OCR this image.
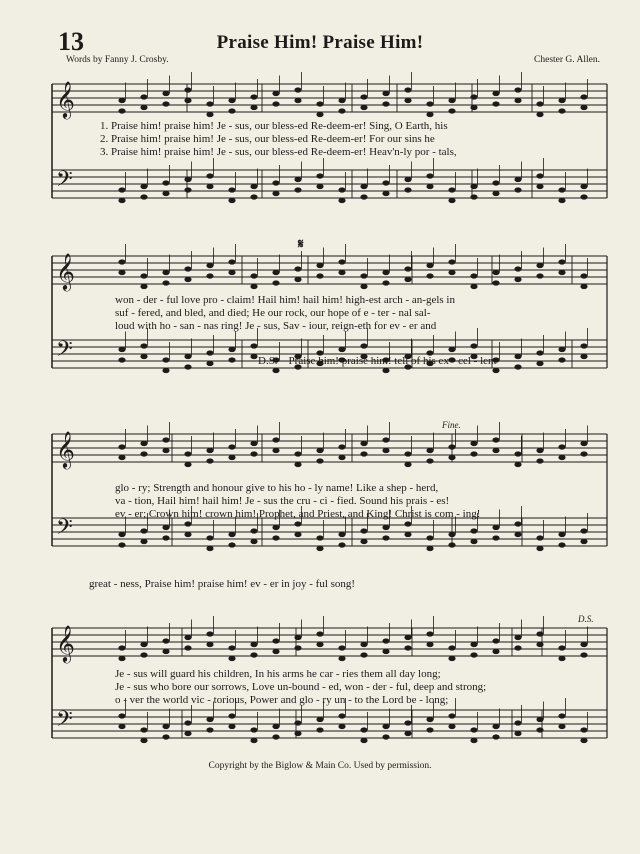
13	Praise Him! Praise Him!
Words by Fanny J. Crosby.	Chester G. Allen.
𝄞
𝄢
1. Praise him! praise him! Je - sus, our bless-ed Re-deem-er! Sing, O Earth, his
2. Praise him! praise him! Je - sus, our bless-ed Re-deem-er! For our sins he
3. Praise him! praise him! Je - sus, our bless-ed Re-deem-er! Heav'n-ly por - tals,
𝄞
𝄢
𝄋
won - der - ful love pro - claim! Hail him! hail him! high-est arch - an-gels in
suf - fered, and bled, and died; He our rock, our hope of e - ter - nal sal-
loud with ho - san - nas ring! Je - sus, Sav - iour, reign-eth for ev - er and
D.S.—Praise him! praise him! tell of his ex - cel - lent
𝄞
𝄢
Fine.
glo - ry; Strength and honour give to his ho - ly name! Like a shep - herd,
va - tion, Hail him! hail him! Je - sus the cru - ci - fied. Sound his prais - es!
ev - er; Crown him! crown him! Prophet, and Priest, and King! Christ is com - ing!
great - ness, Praise him! praise him! ev - er in joy - ful song!
𝄞
𝄢
D.S.
Je - sus will guard his children, In his arms he car - ries them all day long;
Je - sus who bore our sorrows, Love un-bound - ed, won - der - ful, deep and strong;
o - ver the world vic - torious, Power and glo - ry un - to the Lord be - long;
Copyright by the Biglow & Main Co. Used by permission.
